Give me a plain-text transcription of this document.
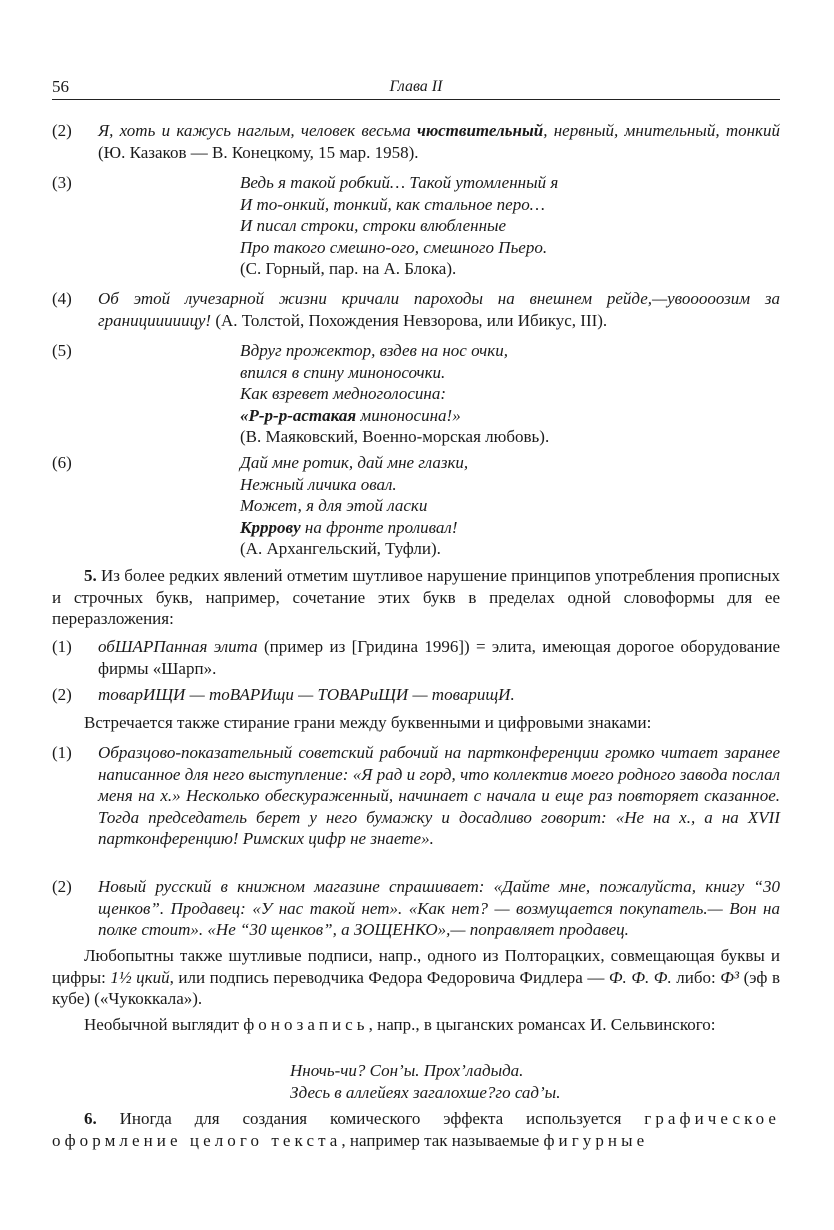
56	Глава II
(2) Я, хоть и кажусь наглым, человек весьма чюствительный, нервный, мнительный, тонкий (Ю. Казаков — В. Конецкому, 15 мар. 1958).

(3)	Ведь я такой робкий… Такой утомленный я
И то-онкий, тонкий, как стальное перо…
И писал строки, строки влюбленные
Про такого смешно-ого, смешного Пьеро.
(С. Горный, пар. на А. Блока).
(4) Об этой лучезарной жизни кричали пароходы на внешнем рейде,—увоооoозим за границииииицу! (А. Толстой, Похождения Невзорова, или Ибикус, III).

(5)	Вдруг прожектор, вздев на нос очки,
впился в спину миноносочки.
Как взревет медноголосина:
«Р-р-р-астакая миноносина!»
(В. Маяковский, Военно-морская любовь).
(6)	Дай мне ротик, дай мне глазки,
Нежный личика овал.
Может, я для этой ласки
Крррову на фронте проливал!
(А. Архангельский, Туфли).

5. Из более редких явлений отметим шутливое нарушение принципов употребления прописных и строчных букв, например, сочетание этих букв в пределах одной словоформы для ее переразложения:

(1) обШАРПанная элита (пример из [Гридина 1996]) = элита, имеющая дорогое оборудование фирмы «Шарп».

(2) товарИЩИ — тоВАРИщи — ТОВАРиЩИ — товарищИ.

Встречается также стирание грани между буквенными и цифровыми знаками:

(1) Образцово-показательный советский рабочий на партконференции громко читает заранее написанное для него выступление: «Я рад и горд, что коллектив моего родного завода послал меня на х.» Несколько обескураженный, начинает с начала и еще раз повторяет сказанное. Тогда председатель берет у него бумажку и досадливо говорит: «Не на х., а на XVII партконференцию! Римских цифр не знаете».

(2) Новый русский в книжном магазине спрашивает: «Дайте мне, пожалуйста, книгу “30 щенков”. Продавец: «У нас такой нет». «Как нет? — возмущается покупатель.— Вон на полке стоит». «Не “30 щенков”, а ЗОЩЕНКО»,— поправляет продавец.

Любопытны также шутливые подписи, напр., одного из Полторацких, совмещающая буквы и цифры: 1½ цкий, или подпись переводчика Федора Федоровича Фидлера — Ф. Ф. Ф. либо: Ф³ (эф в кубе) («Чукоккала»).

Необычной выглядит фонозапись, напр., в цыганских романсах И. Сельвинского:

Нночь-чи? Сон’ы. Прох’ладыда.
Здесь в аллейеях загалохше?го сад’ы.

6. Иногда для создания комического эффекта используется графическое оформление целого текста, например так называемые фигурные
